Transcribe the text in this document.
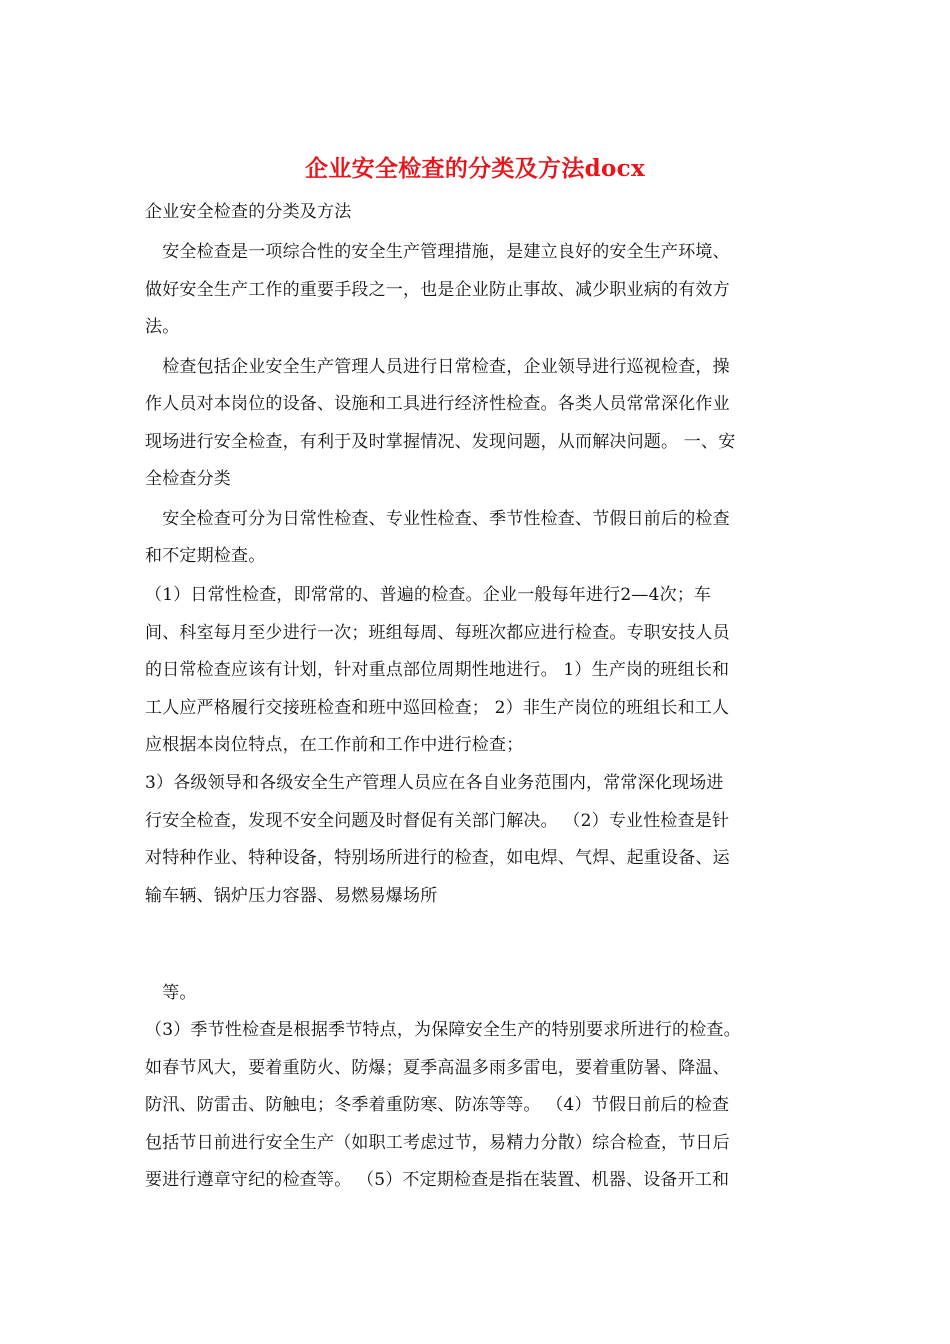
企业安全检查的分类及方法docx
企业安全检查的分类及方法
　安全检查是一项综合性的安全生产管理措施，是建立良好的安全生产环境、
做好安全生产工作的重要手段之一，也是企业防止事故、减少职业病的有效方
法。
　检查包括企业安全生产管理人员进行日常检查，企业领导进行巡视检查，操
作人员对本岗位的设备、设施和工具进行经济性检查。各类人员常常深化作业
现场进行安全检查，有利于及时掌握情况、发现问题，从而解决问题。 一、安
全检查分类
　安全检查可分为日常性检查、专业性检查、季节性检查、节假日前后的检查
和不定期检查。
（1）日常性检查，即常常的、普遍的检查。企业一般每年进行2—4次；车
间、科室每月至少进行一次；班组每周、每班次都应进行检查。专职安技人员
的日常检查应该有计划，针对重点部位周期性地进行。 1）生产岗的班组长和
工人应严格履行交接班检查和班中巡回检查； 2）非生产岗位的班组长和工人
应根据本岗位特点，在工作前和工作中进行检查；
3）各级领导和各级安全生产管理人员应在各自业务范围内，常常深化现场进
行安全检查，发现不安全问题及时督促有关部门解决。 （2）专业性检查是针
对特种作业、特种设备，特别场所进行的检查，如电焊、气焊、起重设备、运
输车辆、锅炉压力容器、易燃易爆场所
　等。
（3）季节性检查是根据季节特点，为保障安全生产的特别要求所进行的检查。
如春节风大，要着重防火、防爆；夏季高温多雨多雷电，要着重防暑、降温、
防汛、防雷击、防触电；冬季着重防寒、防冻等等。 （4）节假日前后的检查
包括节日前进行安全生产（如职工考虑过节，易精力分散）综合检查，节日后
要进行遵章守纪的检查等。 （5）不定期检查是指在装置、机器、设备开工和
